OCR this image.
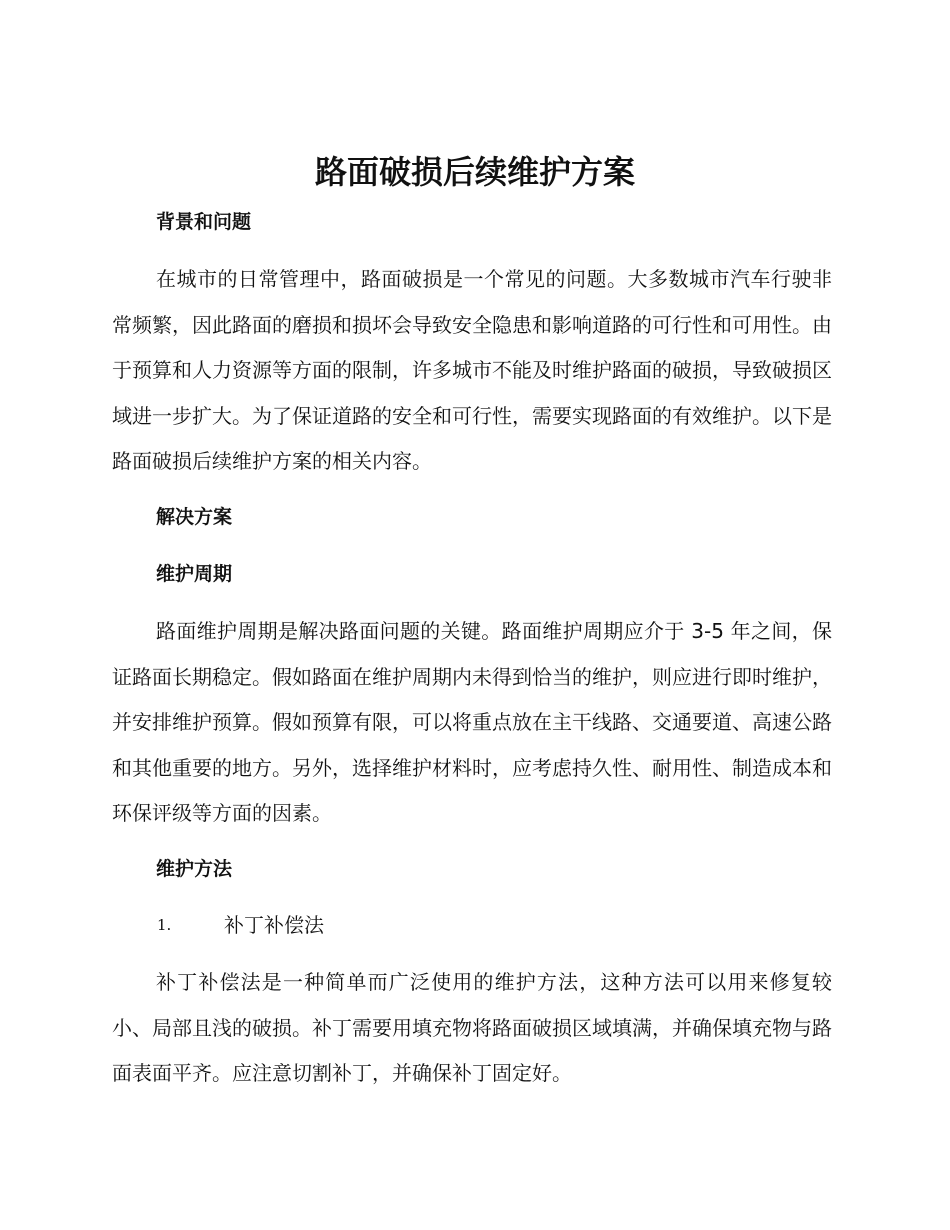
路面破损后续维护方案
背景和问题

在城市的日常管理中，路面破损是一个常见的问题。大多数城市汽车行驶非常频繁，因此路面的磨损和损坏会导致安全隐患和影响道路的可行性和可用性。由于预算和人力资源等方面的限制，许多城市不能及时维护路面的破损，导致破损区域进一步扩大。为了保证道路的安全和可行性，需要实现路面的有效维护。以下是路面破损后续维护方案的相关内容。

解决方案
维护周期

路面维护周期是解决路面问题的关键。路面维护周期应介于 3-5 年之间，保证路面长期稳定。假如路面在维护周期内未得到恰当的维护，则应进行即时维护，并安排维护预算。假如预算有限，可以将重点放在主干线路、交通要道、高速公路和其他重要的地方。另外，选择维护材料时，应考虑持久性、耐用性、制造成本和环保评级等方面的因素。

维护方法
1.	补丁补偿法

补丁补偿法是一种简单而广泛使用的维护方法，这种方法可以用来修复较小、局部且浅的破损。补丁需要用填充物将路面破损区域填满，并确保填充物与路面表面平齐。应注意切割补丁，并确保补丁固定好。
